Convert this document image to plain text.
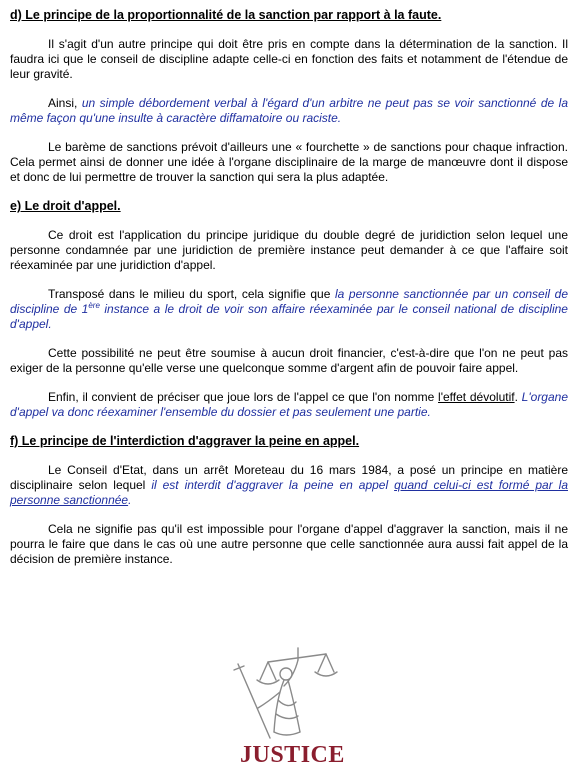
d) Le principe de la proportionnalité de la sanction par rapport à la faute.
Il s'agit d'un autre principe qui doit être pris en compte dans la détermination de la sanction. Il faudra ici que le conseil de discipline adapte celle-ci en fonction des faits et notamment de l'étendue de leur gravité.
Ainsi, un simple débordement verbal à l'égard d'un arbitre ne peut pas se voir sanctionné de la même façon qu'une insulte à caractère diffamatoire ou raciste.
Le barème de sanctions prévoit d'ailleurs une « fourchette » de sanctions pour chaque infraction. Cela permet ainsi de donner une idée à l'organe disciplinaire de la marge de manœuvre dont il dispose et donc de lui permettre de trouver la sanction qui sera la plus adaptée.
e) Le droit d'appel.
Ce droit est l'application du principe juridique du double degré de juridiction selon lequel une personne condamnée par une juridiction de première instance peut demander à ce que l'affaire soit réexaminée par une juridiction d'appel.
Transposé dans le milieu du sport, cela signifie que la personne sanctionnée par un conseil de discipline de 1ère instance a le droit de voir son affaire réexaminée par le conseil national de discipline d'appel.
Cette possibilité ne peut être soumise à aucun droit financier, c'est-à-dire que l'on ne peut pas exiger de la personne qu'elle verse une quelconque somme d'argent afin de pouvoir faire appel.
Enfin, il convient de préciser que joue lors de l'appel ce que l'on nomme l'effet dévolutif. L'organe d'appel va donc réexaminer l'ensemble du dossier et pas seulement une partie.
f) Le principe de l'interdiction d'aggraver la peine en appel.
Le Conseil d'Etat, dans un arrêt Moreteau du 16 mars 1984, a posé un principe en matière disciplinaire selon lequel il est interdit d'aggraver la peine en appel quand celui-ci est formé par la personne sanctionnée.
Cela ne signifie pas qu'il est impossible pour l'organe d'appel d'aggraver la sanction, mais il ne pourra le faire que dans le cas où une autre personne que celle sanctionnée aura aussi fait appel de la décision de première instance.
JUSTICE
